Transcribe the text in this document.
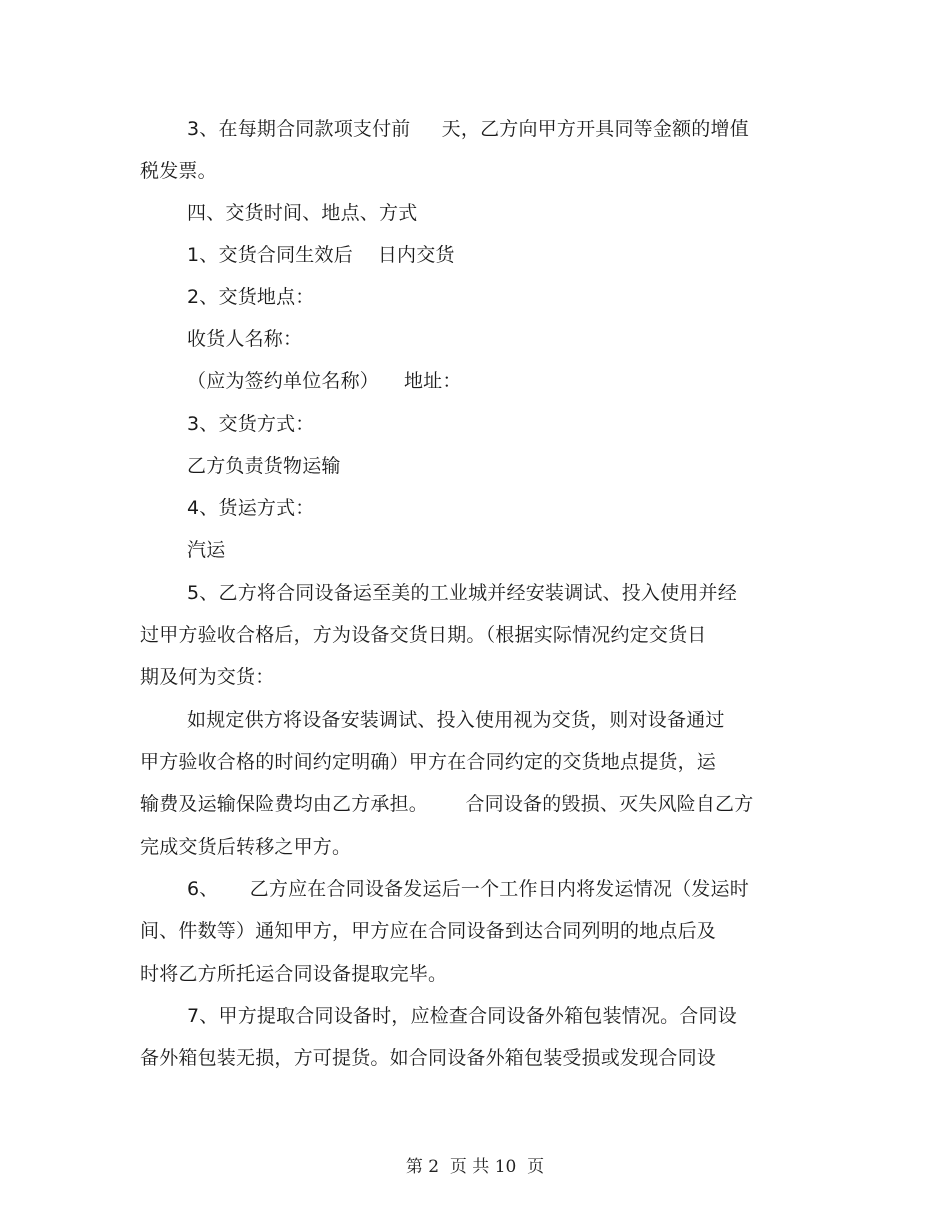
3、在每期合同款项支付前     天，乙方向甲方开具同等金额的增值
税发票。
四、交货时间、地点、方式
1、交货合同生效后    日内交货
2、交货地点：
收货人名称：
（应为签约单位名称）    地址：
3、交货方式：
乙方负责货物运输
4、货运方式：
汽运
5、乙方将合同设备运至美的工业城并经安装调试、投入使用并经
过甲方验收合格后，方为设备交货日期。（根据实际情况约定交货日
期及何为交货：
如规定供方将设备安装调试、投入使用视为交货，则对设备通过
甲方验收合格的时间约定明确）甲方在合同约定的交货地点提货，运
输费及运输保险费均由乙方承担。      合同设备的毁损、灭失风险自乙方
完成交货后转移之甲方。
6、     乙方应在合同设备发运后一个工作日内将发运情况（发运时
间、件数等）通知甲方，甲方应在合同设备到达合同列明的地点后及
时将乙方所托运合同设备提取完毕。
7、甲方提取合同设备时，应检查合同设备外箱包装情况。合同设
备外箱包装无损，方可提货。如合同设备外箱包装受损或发现合同设
第 2  页 共 10  页
